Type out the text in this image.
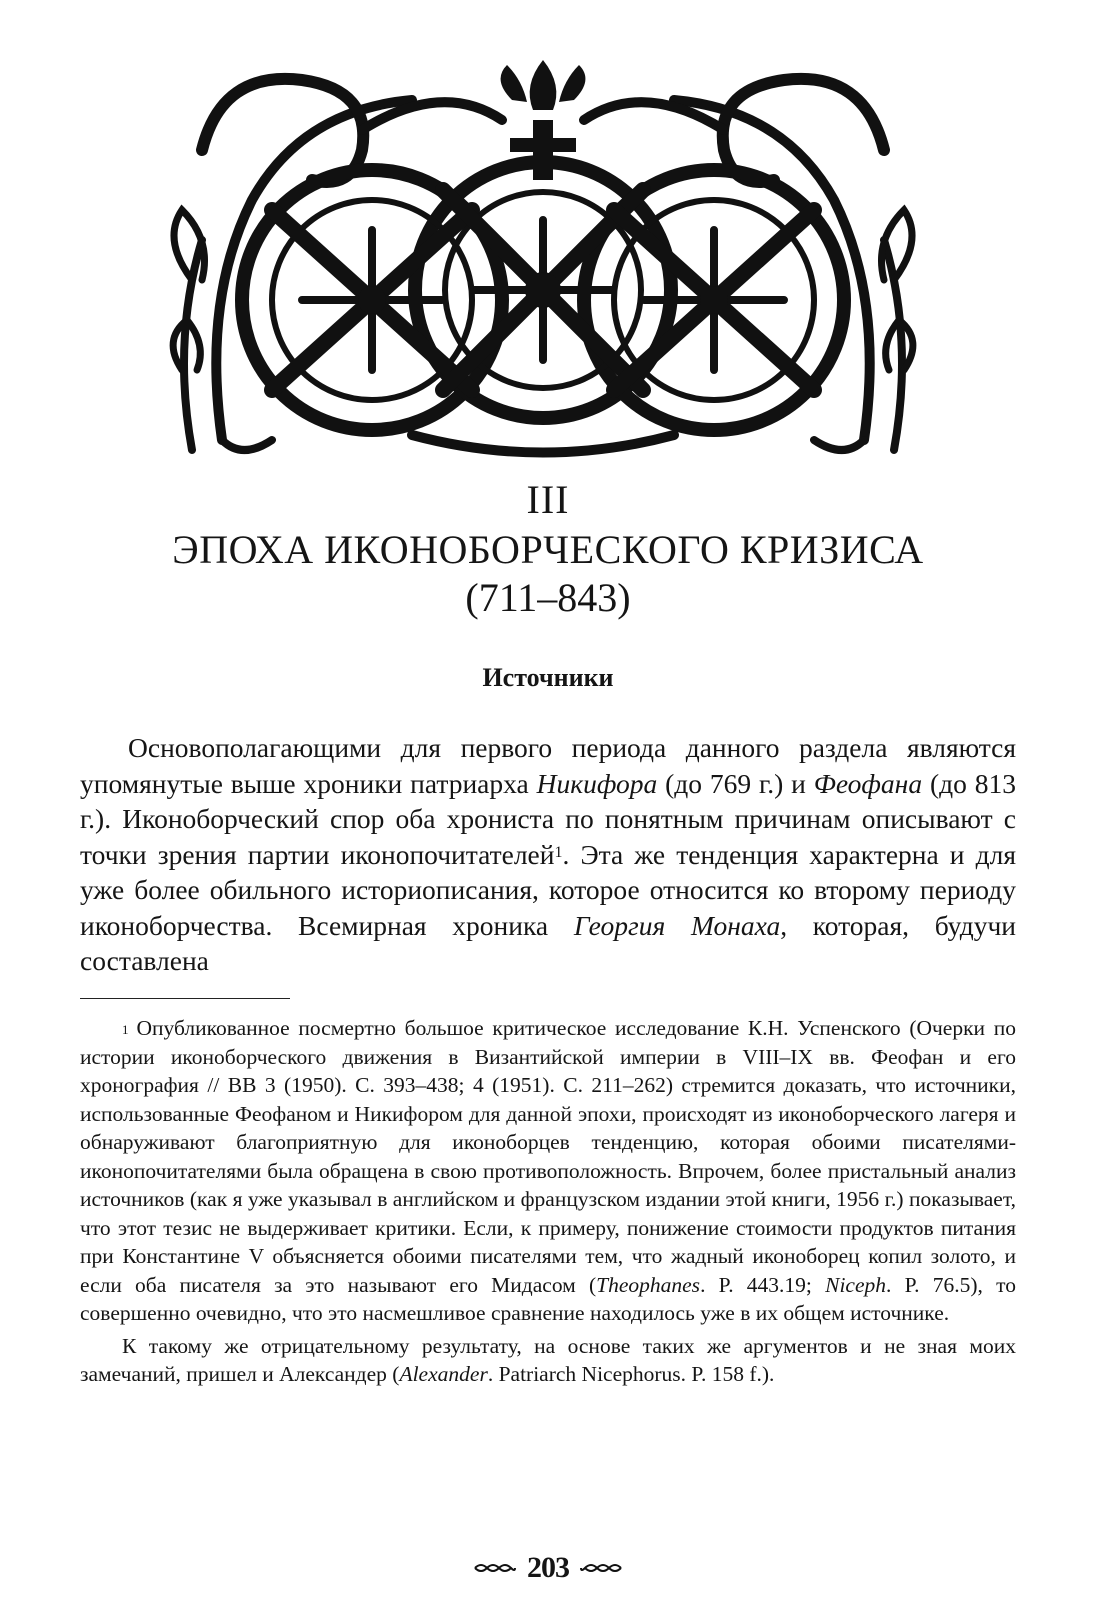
III
ЭПОХА ИКОНОБОРЧЕСКОГО КРИЗИСА
(711–843)
Источники

Основополагающими для первого периода данного раздела являются упомянутые выше хроники патриарха Никифора (до 769 г.) и Феофана (до 813 г.). Иконоборческий спор оба хрониста по понятным причинам описывают с точки зрения партии иконопочитателей$^1$. Эта же тенденция характерна и для уже более обильного историописания, которое относится ко второму периоду иконоборчества. Всемирная хроника Георгия Монаха, которая, будучи составлена

$^1$ Опубликованное посмертно большое критическое исследование К.Н. Успенского (Очерки по истории иконоборческого движения в Византийской империи в VIII–IX вв. Феофан и его хронография // ВВ 3 (1950). С. 393–438; 4 (1951). С. 211–262) стремится доказать, что источники, использованные Феофаном и Никифором для данной эпохи, происходят из иконоборческого лагеря и обнаруживают благоприятную для иконоборцев тенденцию, которая обоими писателями-иконопочитателями была обращена в свою противоположность. Впрочем, более пристальный анализ источников (как я уже указывал в английском и французском издании этой книги, 1956 г.) показывает, что этот тезис не выдерживает критики. Если, к примеру, понижение стоимости продуктов питания при Константине V объясняется обоими писателями тем, что жадный иконоборец копил золото, и если оба писателя за это называют его Мидасом (Theophanes. P. 443.19; Niceph. P. 76.5), то совершенно очевидно, что это насмешливое сравнение находилось уже в их общем источнике.

К такому же отрицательному результату, на основе таких же аргументов и не зная моих замечаний, пришел и Александер (Alexander. Patriarch Nicephorus. P. 158 f.).

203
